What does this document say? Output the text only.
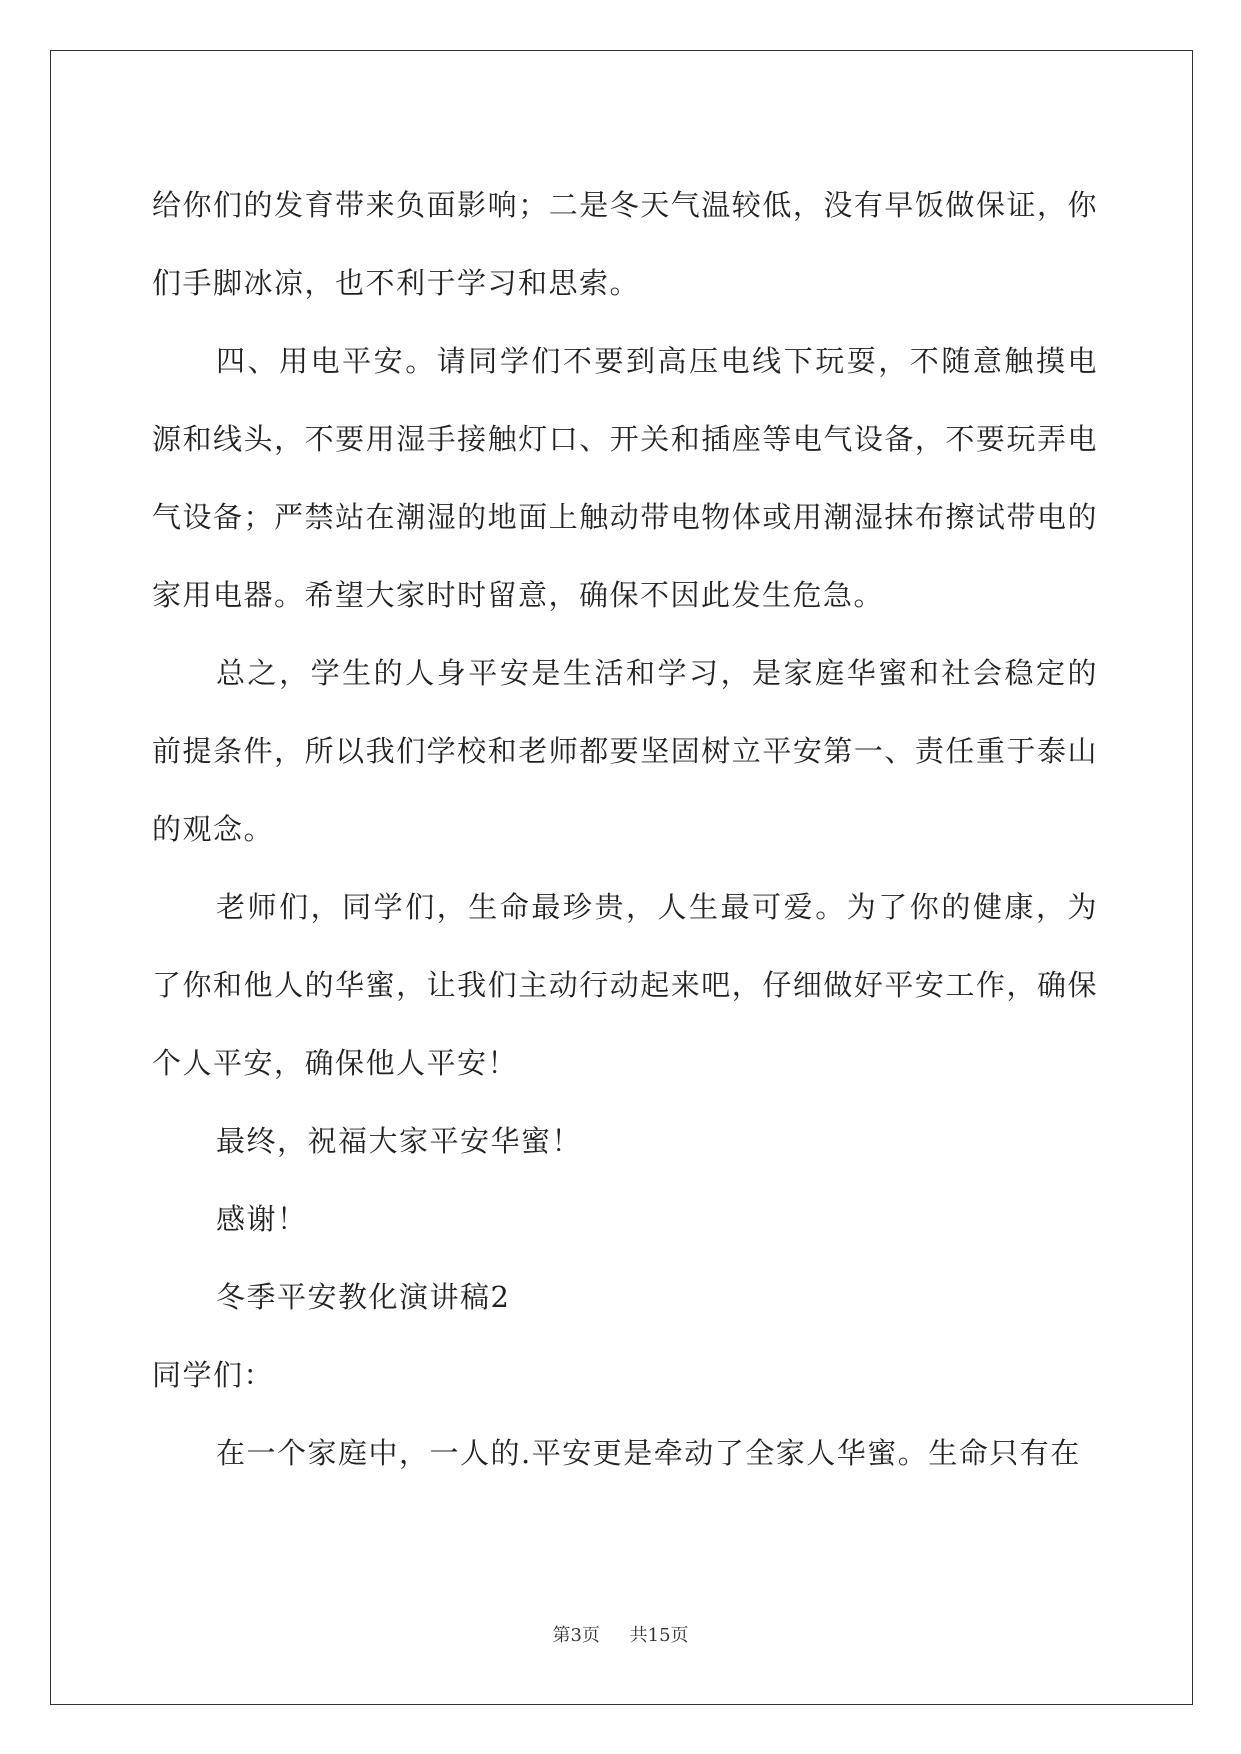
给你们的发育带来负面影响；二是冬天气温较低，没有早饭做保证，你们手脚冰凉，也不利于学习和思索。

四、用电平安。请同学们不要到高压电线下玩耍，不随意触摸电源和线头，不要用湿手接触灯口、开关和插座等电气设备，不要玩弄电气设备；严禁站在潮湿的地面上触动带电物体或用潮湿抹布擦试带电的家用电器。希望大家时时留意，确保不因此发生危急。

总之，学生的人身平安是生活和学习，是家庭华蜜和社会稳定的前提条件，所以我们学校和老师都要坚固树立平安第一、责任重于泰山的观念。

老师们，同学们，生命最珍贵，人生最可爱。为了你的健康，为了你和他人的华蜜，让我们主动行动起来吧，仔细做好平安工作，确保个人平安，确保他人平安！

最终，祝福大家平安华蜜！

感谢！

冬季平安教化演讲稿2

同学们：

在一个家庭中，一人的.平安更是牵动了全家人华蜜。生命只有在

第3页 共15页
